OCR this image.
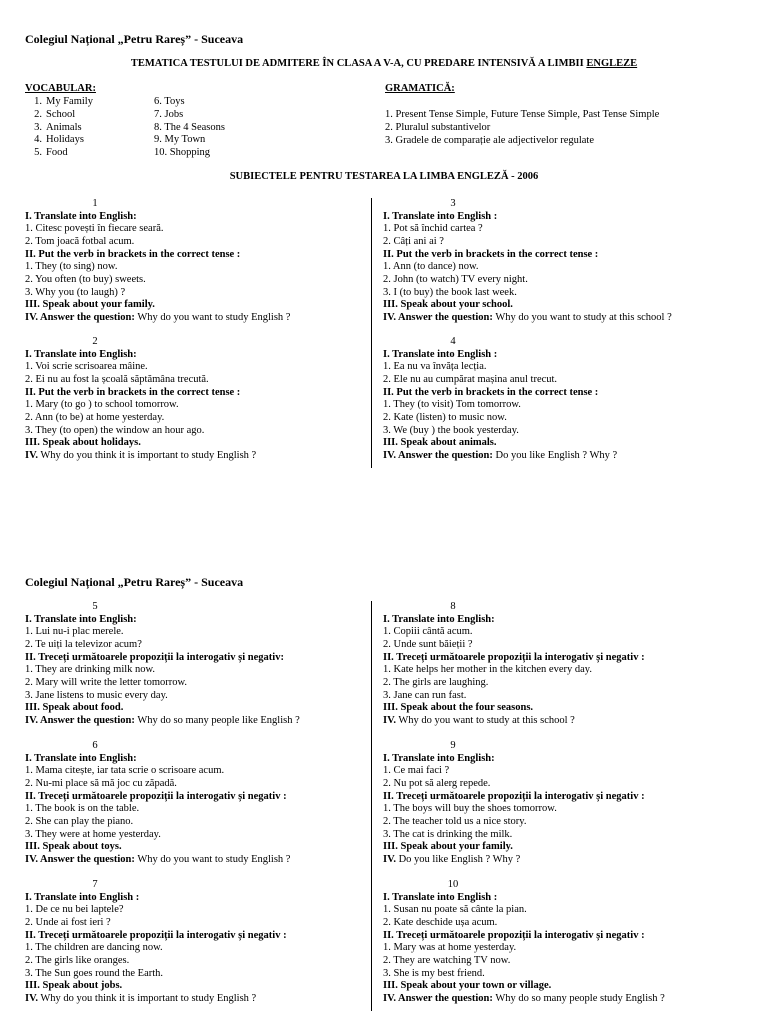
Colegiul Național „Petru Rareș” - Suceava
TEMATICA TESTULUI DE ADMITERE ÎN CLASA A V-A, CU PREDARE INTENSIVĂ A LIMBII ENGLEZE
VOCABULAR:
1. My Family
2. School
3. Animals
4. Holidays
5. Food
6. Toys
7. Jobs
8. The 4 Seasons
9. My Town
10. Shopping
GRAMATICĂ:
1. Present Tense Simple, Future Tense Simple, Past Tense Simple
2. Pluralul substantivelor
3. Gradele de comparație ale adjectivelor regulate
SUBIECTELE PENTRU TESTAREA LA LIMBA ENGLEZĂ - 2006
1
I. Translate into English:
1. Citesc povești în fiecare seară.
2. Tom joacă fotbal acum.
II. Put the verb in brackets in the correct tense :
1. They (to sing) now.
2. You often (to buy) sweets.
3. Why you (to laugh) ?
III. Speak about your family.
IV. Answer the question: Why do you want to study English ?
3
I. Translate into English :
1. Pot să închid cartea ?
2. Câți ani ai ?
II. Put the verb in brackets in the correct tense :
1. Ann (to dance) now.
2. John (to watch) TV every night.
3. I (to buy) the book last week.
III. Speak about your school.
IV. Answer the question: Why do you want to study at this school ?
2
I. Translate into English:
1. Voi scrie scrisoarea mâine.
2. Ei nu au fost la școală săptămâna trecută.
II. Put the verb in brackets in the correct tense :
1. Mary (to go ) to school tomorrow.
2. Ann (to be) at home yesterday.
3. They (to open) the window an hour ago.
III. Speak about holidays.
IV. Why do you think it is important to study English ?
4
I. Translate into English :
1. Ea nu va învăța lecția.
2. Ele nu au cumpărat mașina anul trecut.
II. Put the verb in brackets in the correct tense :
1. They (to visit) Tom tomorrow.
2. Kate (listen) to music now.
3. We (buy ) the book yesterday.
III. Speak about animals.
IV. Answer the question: Do you like English ? Why ?
Colegiul Național „Petru Rareș” - Suceava
5
I. Translate into English:
1. Lui nu-i plac merele.
2. Te uiți la televizor acum?
II. Treceți următoarele propoziții la interogativ și negativ:
1. They are drinking milk now.
2. Mary will write the letter tomorrow.
3. Jane listens to music every day.
III. Speak about food.
IV. Answer the question: Why do so many people like English ?
8
I. Translate into English:
1. Copiii cântă acum.
2. Unde sunt băieții ?
II. Treceți următoarele propoziții la interogativ și negativ :
1. Kate helps her mother in the kitchen every day.
2. The girls are laughing.
3. Jane can run fast.
III. Speak about the four seasons.
IV. Why do you want to study at this school ?
6
I. Translate into English:
1. Mama citește, iar tata scrie o scrisoare acum.
2. Nu-mi place să mă joc cu zăpadă.
II. Treceți următoarele propoziții la interogativ și negativ :
1. The book is on the table.
2. She can play the piano.
3. They were at home yesterday.
III. Speak about toys.
IV. Answer the question: Why do you want to study English ?
9
I. Translate into English:
1. Ce mai faci ?
2. Nu pot să alerg repede.
II. Treceți următoarele propoziții la interogativ și negativ :
1. The boys will buy the shoes tomorrow.
2. The teacher told us a nice story.
3. The cat is drinking the milk.
III. Speak about your family.
IV. Do you like English ? Why ?
7
I. Translate into English :
1. De ce nu bei laptele?
2. Unde ai fost ieri ?
II. Treceți următoarele propoziții la interogativ și negativ :
1. The children are dancing now.
2. The girls like oranges.
3. The Sun goes round the Earth.
III. Speak about jobs.
IV. Why do you think it is important to study English ?
10
I. Translate into English :
1. Susan nu poate să cânte la pian.
2. Kate deschide ușa acum.
II. Treceți următoarele propoziții la interogativ și negativ :
1. Mary was at home yesterday.
2. They are watching TV now.
3. She is my best friend.
III. Speak about your town or village.
IV. Answer the question: Why do so many people study English ?
